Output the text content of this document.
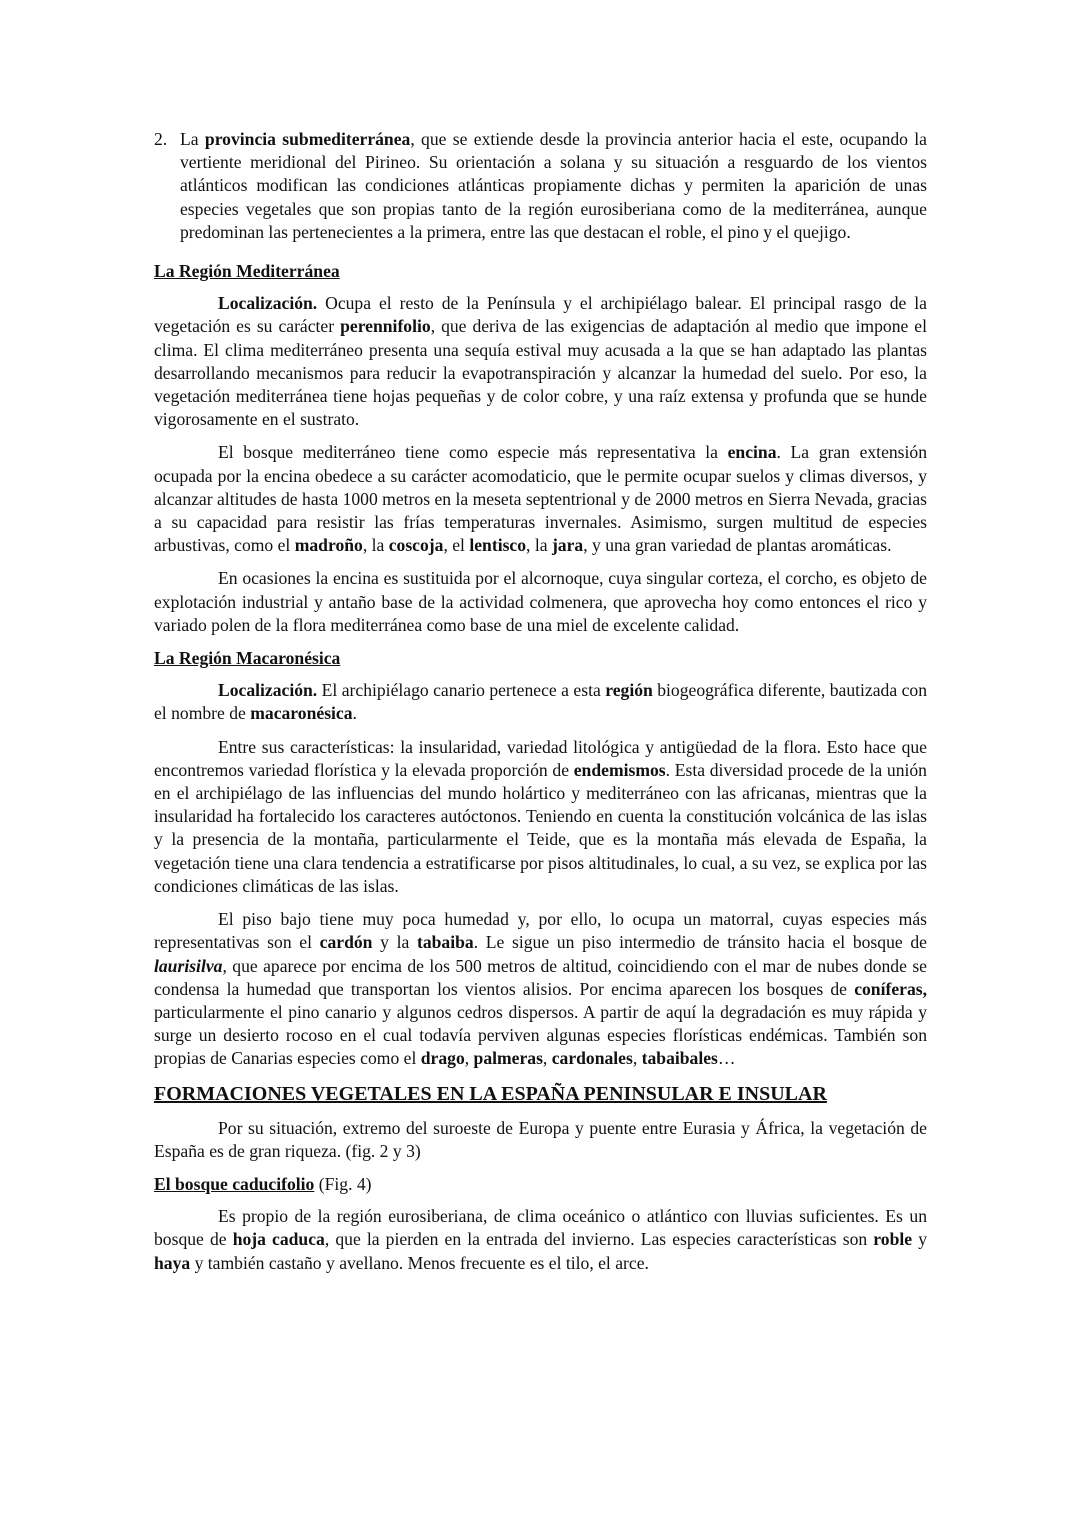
2. La provincia submediterránea, que se extiende desde la provincia anterior hacia el este, ocupando la vertiente meridional del Pirineo. Su orientación a solana y su situación a resguardo de los vientos atlánticos modifican las condiciones atlánticas propiamente dichas y permiten la aparición de unas especies vegetales que son propias tanto de la región eurosiberiana como de la mediterránea, aunque predominan las pertenecientes a la primera, entre las que destacan el roble, el pino y el quejigo.
La Región Mediterránea

Localización. Ocupa el resto de la Península y el archipiélago balear. El principal rasgo de la vegetación es su carácter perennifolio, que deriva de las exigencias de adaptación al medio que impone el clima. El clima mediterráneo presenta una sequía estival muy acusada a la que se han adaptado las plantas desarrollando mecanismos para reducir la evapotranspiración y alcanzar la humedad del suelo. Por eso, la vegetación mediterránea tiene hojas pequeñas y de color cobre, y una raíz extensa y profunda que se hunde vigorosamente en el sustrato.

El bosque mediterráneo tiene como especie más representativa la encina. La gran extensión ocupada por la encina obedece a su carácter acomodaticio, que le permite ocupar suelos y climas diversos, y alcanzar altitudes de hasta 1000 metros en la meseta septentrional y de 2000 metros en Sierra Nevada, gracias a su capacidad para resistir las frías temperaturas invernales. Asimismo, surgen multitud de especies arbustivas, como el madroño, la coscoja, el lentisco, la jara, y una gran variedad de plantas aromáticas.

En ocasiones la encina es sustituida por el alcornoque, cuya singular corteza, el corcho, es objeto de explotación industrial y antaño base de la actividad colmenera, que aprovecha hoy como entonces el rico y variado polen de la flora mediterránea como base de una miel de excelente calidad.

La Región Macaronésica

Localización. El archipiélago canario pertenece a esta región biogeográfica diferente, bautizada con el nombre de macaronésica.

Entre sus características: la insularidad, variedad litológica y antigüedad de la flora. Esto hace que encontremos variedad florística y la elevada proporción de endemismos. Esta diversidad procede de la unión en el archipiélago de las influencias del mundo holártico y mediterráneo con las africanas, mientras que la insularidad ha fortalecido los caracteres autóctonos. Teniendo en cuenta la constitución volcánica de las islas y la presencia de la montaña, particularmente el Teide, que es la montaña más elevada de España, la vegetación tiene una clara tendencia a estratificarse por pisos altitudinales, lo cual, a su vez, se explica por las condiciones climáticas de las islas.

El piso bajo tiene muy poca humedad y, por ello, lo ocupa un matorral, cuyas especies más representativas son el cardón y la tabaiba. Le sigue un piso intermedio de tránsito hacia el bosque de laurisilva, que aparece por encima de los 500 metros de altitud, coincidiendo con el mar de nubes donde se condensa la humedad que transportan los vientos alisios. Por encima aparecen los bosques de coníferas, particularmente el pino canario y algunos cedros dispersos. A partir de aquí la degradación es muy rápida y surge un desierto rocoso en el cual todavía perviven algunas especies florísticas endémicas. También son propias de Canarias especies como el drago, palmeras, cardonales, tabaibales…

FORMACIONES VEGETALES EN LA ESPAÑA PENINSULAR E INSULAR

Por su situación, extremo del suroeste de Europa y puente entre Eurasia y África, la vegetación de España es de gran riqueza. (fig. 2 y 3)

El bosque caducifolio (Fig. 4)

Es propio de la región eurosiberiana, de clima oceánico o atlántico con lluvias suficientes. Es un bosque de hoja caduca, que la pierden en la entrada del invierno. Las especies características son roble y haya y también castaño y avellano. Menos frecuente es el tilo, el arce.
